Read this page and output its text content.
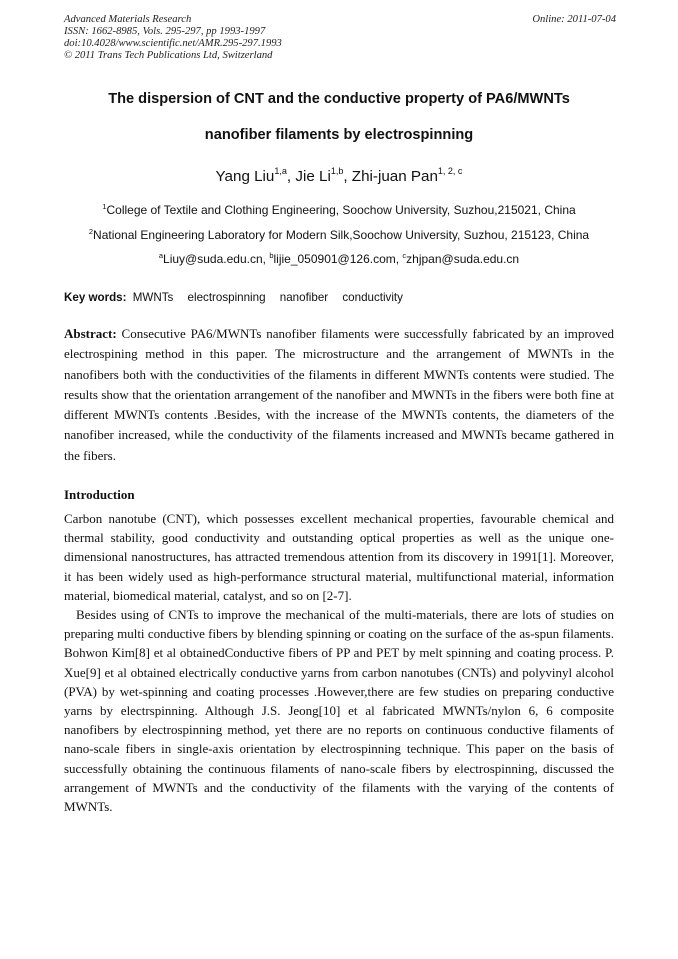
Advanced Materials Research
ISSN: 1662-8985, Vols. 295-297, pp 1993-1997
doi:10.4028/www.scientific.net/AMR.295-297.1993
© 2011 Trans Tech Publications Ltd, Switzerland
Online: 2011-07-04
The dispersion of CNT and the conductive property of PA6/MWNTs
nanofiber filaments by electrospinning
Yang Liu$^{1,a}$, Jie Li$^{1,b}$, Zhi-juan Pan$^{1, 2, c}$
$^1$College of Textile and Clothing Engineering, Soochow University, Suzhou,215021, China
$^2$National Engineering Laboratory for Modern Silk,Soochow University, Suzhou, 215123, China
$^a$Liuy@suda.edu.cn, $^b$lijie_050901@126.com, $^c$zhjpan@suda.edu.cn
Key words: MWNTs electrospinning nanofiber conductivity

Abstract: Consecutive PA6/MWNTs nanofiber filaments were successfully fabricated by an improved electrospining method in this paper. The microstructure and the arrangement of MWNTs in the nanofibers both with the conductivities of the filaments in different MWNTs contents were studied. The results show that the orientation arrangement of the nanofiber and MWNTs in the fibers were both fine at different MWNTs contents .Besides, with the increase of the MWNTs contents, the diameters of the nanofiber increased, while the conductivity of the filaments increased and MWNTs became gathered in the fibers.

Introduction

Carbon nanotube (CNT), which possesses excellent mechanical properties, favourable chemical and thermal stability, good conductivity and outstanding optical properties as well as the unique one-dimensional nanostructures, has attracted tremendous attention from its discovery in 1991[1]. Moreover, it has been widely used as high-performance structural material, multifunctional material, information material, biomedical material, catalyst, and so on [2-7].

Besides using of CNTs to improve the mechanical of the multi-materials, there are lots of studies on preparing multi conductive fibers by blending spinning or coating on the surface of the as-spun filaments. Bohwon Kim[8] et al obtainedConductive fibers of PP and PET by melt spinning and coating process. P. Xue[9] et al obtained electrically conductive yarns from carbon nanotubes (CNTs) and polyvinyl alcohol (PVA) by wet-spinning and coating processes .However,there are few studies on preparing conductive yarns by electrspinning. Although J.S. Jeong[10] et al fabricated MWNTs/nylon 6, 6 composite nanofibers by electrospinning method, yet there are no reports on continuous conductive filaments of nano-scale fibers in single-axis orientation by electrospinning technique. This paper on the basis of successfully obtaining the continuous filaments of nano-scale fibers by electrospinning, discussed the arrangement of MWNTs and the conductivity of the filaments with the varying of the contents of MWNTs.
